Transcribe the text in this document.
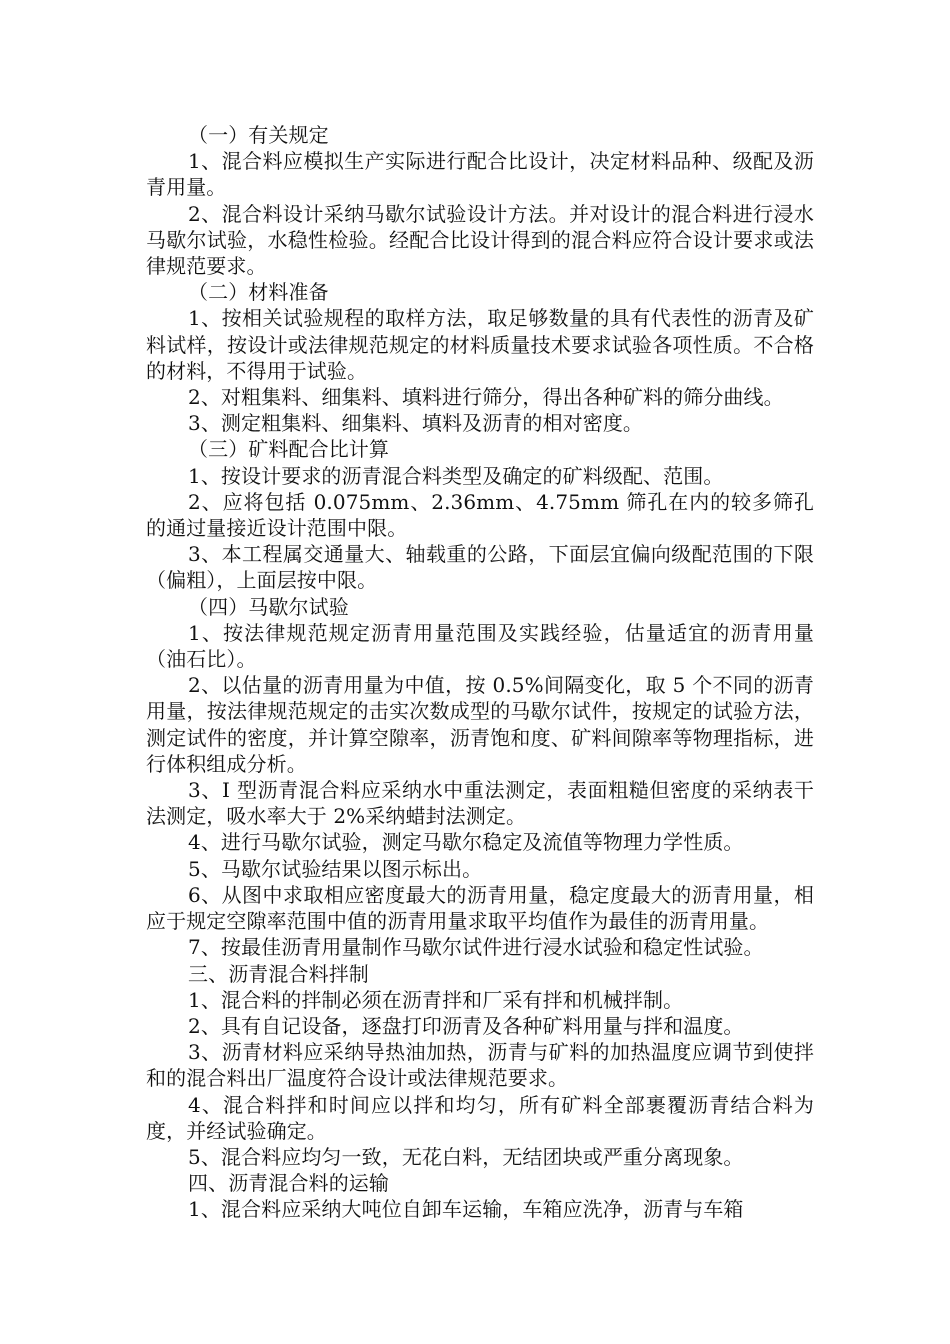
（一）有关规定

1、混合料应模拟生产实际进行配合比设计，决定材料品种、级配及沥青用量。

2、混合料设计采纳马歇尔试验设计方法。并对设计的混合料进行浸水马歇尔试验，水稳性检验。经配合比设计得到的混合料应符合设计要求或法律规范要求。

（二）材料准备

1、按相关试验规程的取样方法，取足够数量的具有代表性的沥青及矿料试样，按设计或法律规范规定的材料质量技术要求试验各项性质。不合格的材料，不得用于试验。

2、对粗集料、细集料、填料进行筛分，得出各种矿料的筛分曲线。

3、测定粗集料、细集料、填料及沥青的相对密度。

（三）矿料配合比计算

1、按设计要求的沥青混合料类型及确定的矿料级配、范围。

2、应将包括 0.075mm、2.36mm、4.75mm 筛孔在内的较多筛孔的通过量接近设计范围中限。

3、本工程属交通量大、轴载重的公路，下面层宜偏向级配范围的下限（偏粗），上面层按中限。

（四）马歇尔试验

1、按法律规范规定沥青用量范围及实践经验，估量适宜的沥青用量（油石比）。

2、以估量的沥青用量为中值，按 0.5%间隔变化，取 5 个不同的沥青用量，按法律规范规定的击实次数成型的马歇尔试件，按规定的试验方法，测定试件的密度，并计算空隙率，沥青饱和度、矿料间隙率等物理指标，进行体积组成分析。

3、I 型沥青混合料应采纳水中重法测定，表面粗糙但密度的采纳表干法测定，吸水率大于 2%采纳蜡封法测定。

4、进行马歇尔试验，测定马歇尔稳定及流值等物理力学性质。

5、马歇尔试验结果以图示标出。

6、从图中求取相应密度最大的沥青用量，稳定度最大的沥青用量，相应于规定空隙率范围中值的沥青用量求取平均值作为最佳的沥青用量。

7、按最佳沥青用量制作马歇尔试件进行浸水试验和稳定性试验。

三、沥青混合料拌制

1、混合料的拌制必须在沥青拌和厂采有拌和机械拌制。

2、具有自记设备，逐盘打印沥青及各种矿料用量与拌和温度。

3、沥青材料应采纳导热油加热，沥青与矿料的加热温度应调节到使拌和的混合料出厂温度符合设计或法律规范要求。

4、混合料拌和时间应以拌和均匀，所有矿料全部裹覆沥青结合料为度，并经试验确定。

5、混合料应均匀一致，无花白料，无结团块或严重分离现象。

四、沥青混合料的运输

1、混合料应采纳大吨位自卸车运输，车箱应洗净，沥青与车箱
